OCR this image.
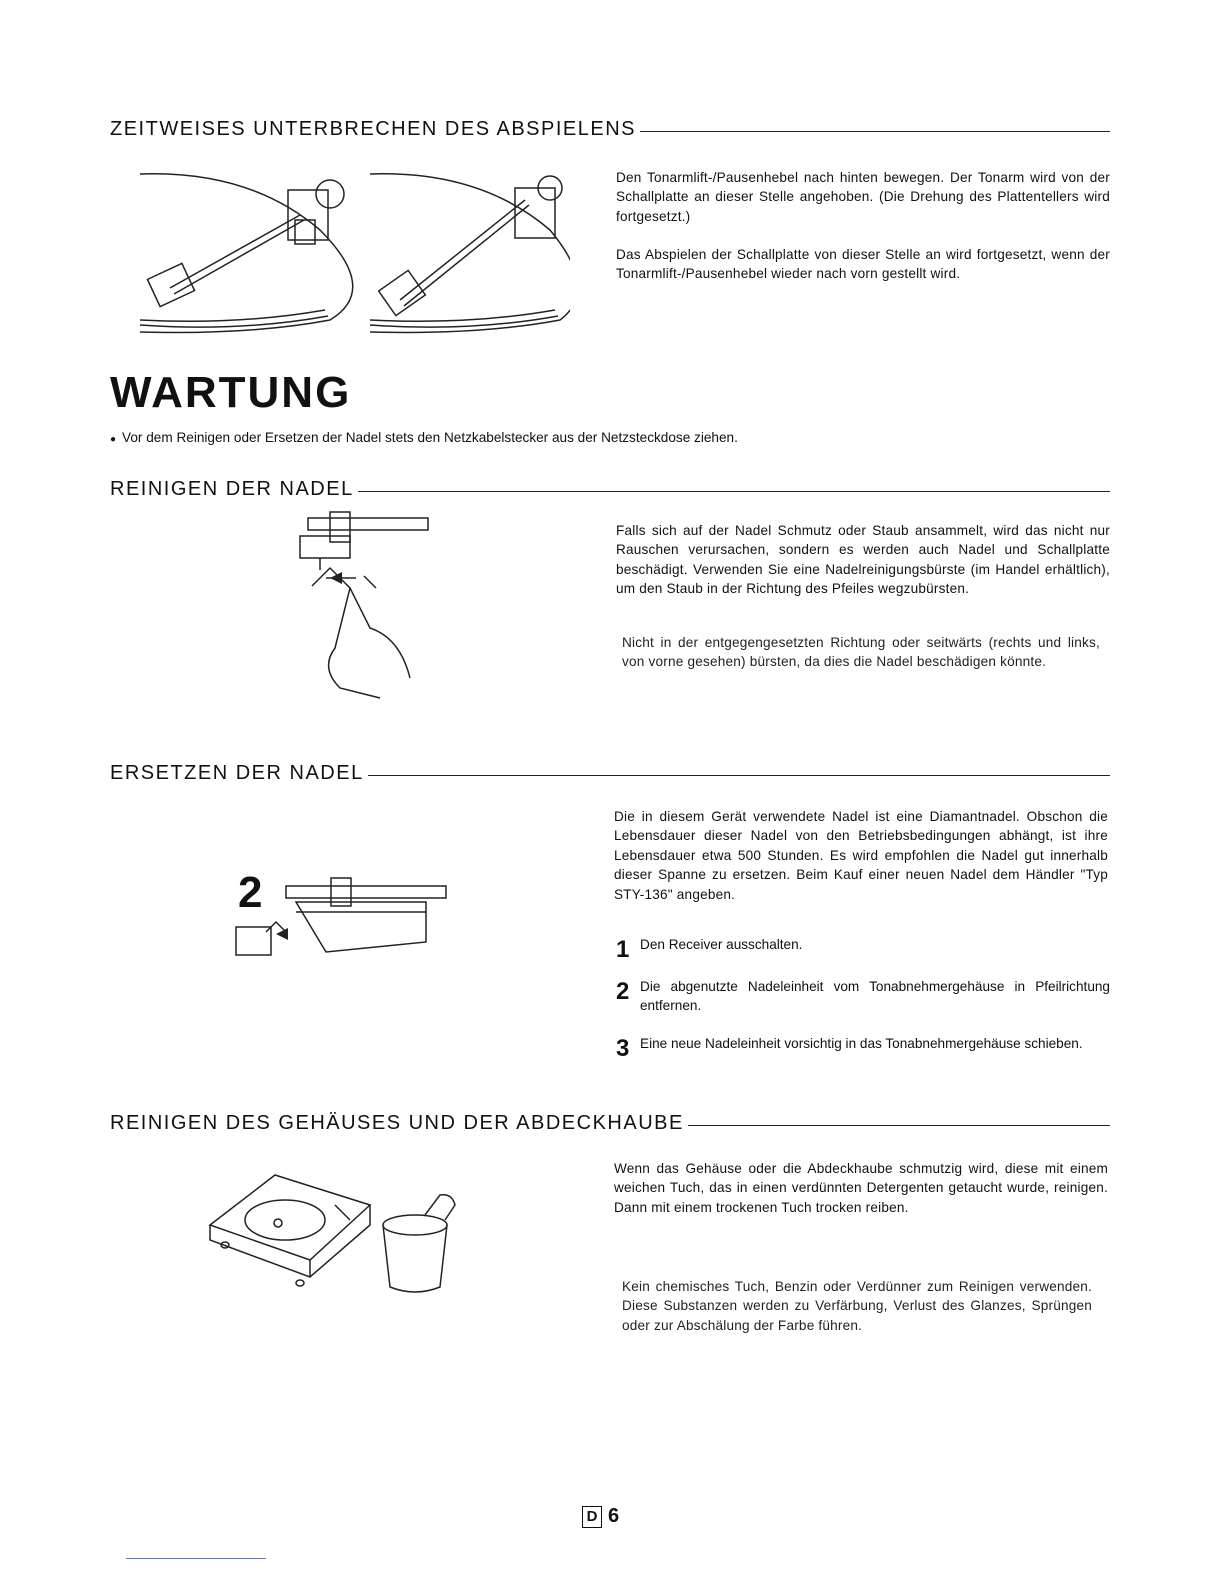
ZEITWEISES UNTERBRECHEN DES ABSPIELENS

Den Tonarmlift-/Pausenhebel nach hinten bewegen. Der Tonarm wird von der Schallplatte an dieser Stelle angehoben. (Die Drehung des Plattentellers wird fortgesetzt.)

Das Abspielen der Schallplatte von dieser Stelle an wird fortgesetzt, wenn der Tonarmlift-/Pausenhebel wieder nach vorn gestellt wird.

WARTUNG
● Vor dem Reinigen oder Ersetzen der Nadel stets den Netzkabelstecker aus der Netzsteckdose ziehen.
REINIGEN DER NADEL

Falls sich auf der Nadel Schmutz oder Staub ansammelt, wird das nicht nur Rauschen verursachen, sondern es werden auch Nadel und Schallplatte beschädigt. Verwenden Sie eine Nadelreinigungsbürste (im Handel erhältlich), um den Staub in der Richtung des Pfeiles wegzubürsten.

Nicht in der entgegengesetzten Richtung oder seitwärts (rechts und links, von vorne gesehen) bürsten, da dies die Nadel beschädigen könnte.

ERSETZEN DER NADEL
2

Die in diesem Gerät verwendete Nadel ist eine Diamantnadel. Obschon die Lebensdauer dieser Nadel von den Betriebsbedingungen abhängt, ist ihre Lebensdauer etwa 500 Stunden. Es wird empfohlen die Nadel gut innerhalb dieser Spanne zu ersetzen. Beim Kauf einer neuen Nadel dem Händler "Typ STY-136" angeben.

1 Den Receiver ausschalten.
2 Die abgenutzte Nadeleinheit vom Tonabnehmergehäuse in Pfeilrichtung entfernen.
3 Eine neue Nadeleinheit vorsichtig in das Tonabnehmergehäuse schieben.
REINIGEN DES GEHÄUSES UND DER ABDECKHAUBE

Wenn das Gehäuse oder die Abdeckhaube schmutzig wird, diese mit einem weichen Tuch, das in einen verdünnten Detergenten getaucht wurde, reinigen. Dann mit einem trockenen Tuch trocken reiben.

Kein chemisches Tuch, Benzin oder Verdünner zum Reinigen verwenden. Diese Substanzen werden zu Verfärbung, Verlust des Glanzes, Sprüngen oder zur Abschälung der Farbe führen.

D 6
